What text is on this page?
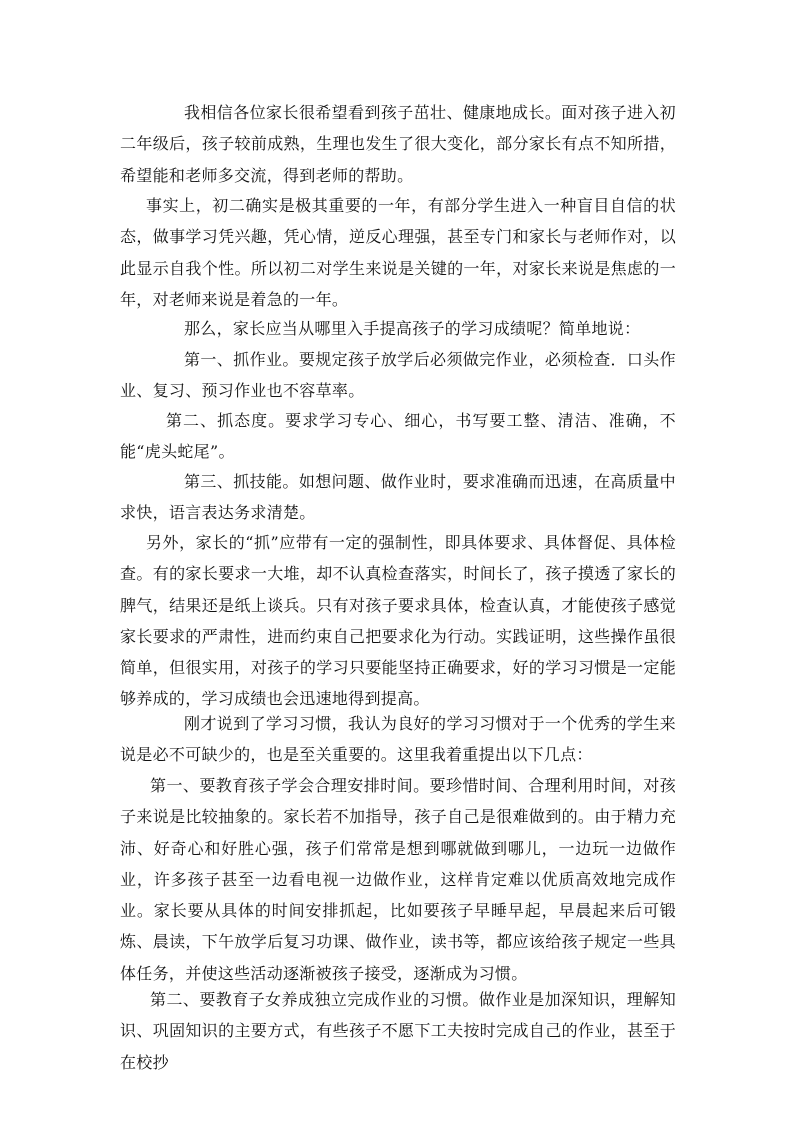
我相信各位家长很希望看到孩子茁壮、健康地成长。面对孩子进入初二年级后，孩子较前成熟，生理也发生了很大变化，部分家长有点不知所措，希望能和老师多交流，得到老师的帮助。

事实上，初二确实是极其重要的一年，有部分学生进入一种盲目自信的状态，做事学习凭兴趣，凭心情，逆反心理强，甚至专门和家长与老师作对，以此显示自我个性。所以初二对学生来说是关键的一年，对家长来说是焦虑的一年，对老师来说是着急的一年。

那么，家长应当从哪里入手提高孩子的学习成绩呢？简单地说：

第一、抓作业。要规定孩子放学后必须做完作业，必须检查．口头作业、复习、预习作业也不容草率。

第二、抓态度。要求学习专心、细心，书写要工整、清洁、准确，不能“虎头蛇尾”。

第三、抓技能。如想问题、做作业时，要求准确而迅速，在高质量中求快，语言表达务求清楚。

另外，家长的“抓”应带有一定的强制性，即具体要求、具体督促、具体检查。有的家长要求一大堆，却不认真检查落实，时间长了，孩子摸透了家长的脾气，结果还是纸上谈兵。只有对孩子要求具体，检查认真，才能使孩子感觉家长要求的严肃性，进而约束自己把要求化为行动。实践证明，这些操作虽很简单，但很实用，对孩子的学习只要能坚持正确要求，好的学习习惯是一定能够养成的，学习成绩也会迅速地得到提高。

刚才说到了学习习惯，我认为良好的学习习惯对于一个优秀的学生来说是必不可缺少的，也是至关重要的。这里我着重提出以下几点：

第一、要教育孩子学会合理安排时间。要珍惜时间、合理利用时间，对孩子来说是比较抽象的。家长若不加指导，孩子自己是很难做到的。由于精力充沛、好奇心和好胜心强，孩子们常常是想到哪就做到哪儿，一边玩一边做作业，许多孩子甚至一边看电视一边做作业，这样肯定难以优质高效地完成作业。家长要从具体的时间安排抓起，比如要孩子早睡早起，早晨起来后可锻炼、晨读，下午放学后复习功课、做作业，读书等，都应该给孩子规定一些具体任务，并使这些活动逐渐被孩子接受，逐渐成为习惯。

第二、要教育子女养成独立完成作业的习惯。做作业是加深知识，理解知识、巩固知识的主要方式，有些孩子不愿下工夫按时完成自己的作业，甚至于在校抄
